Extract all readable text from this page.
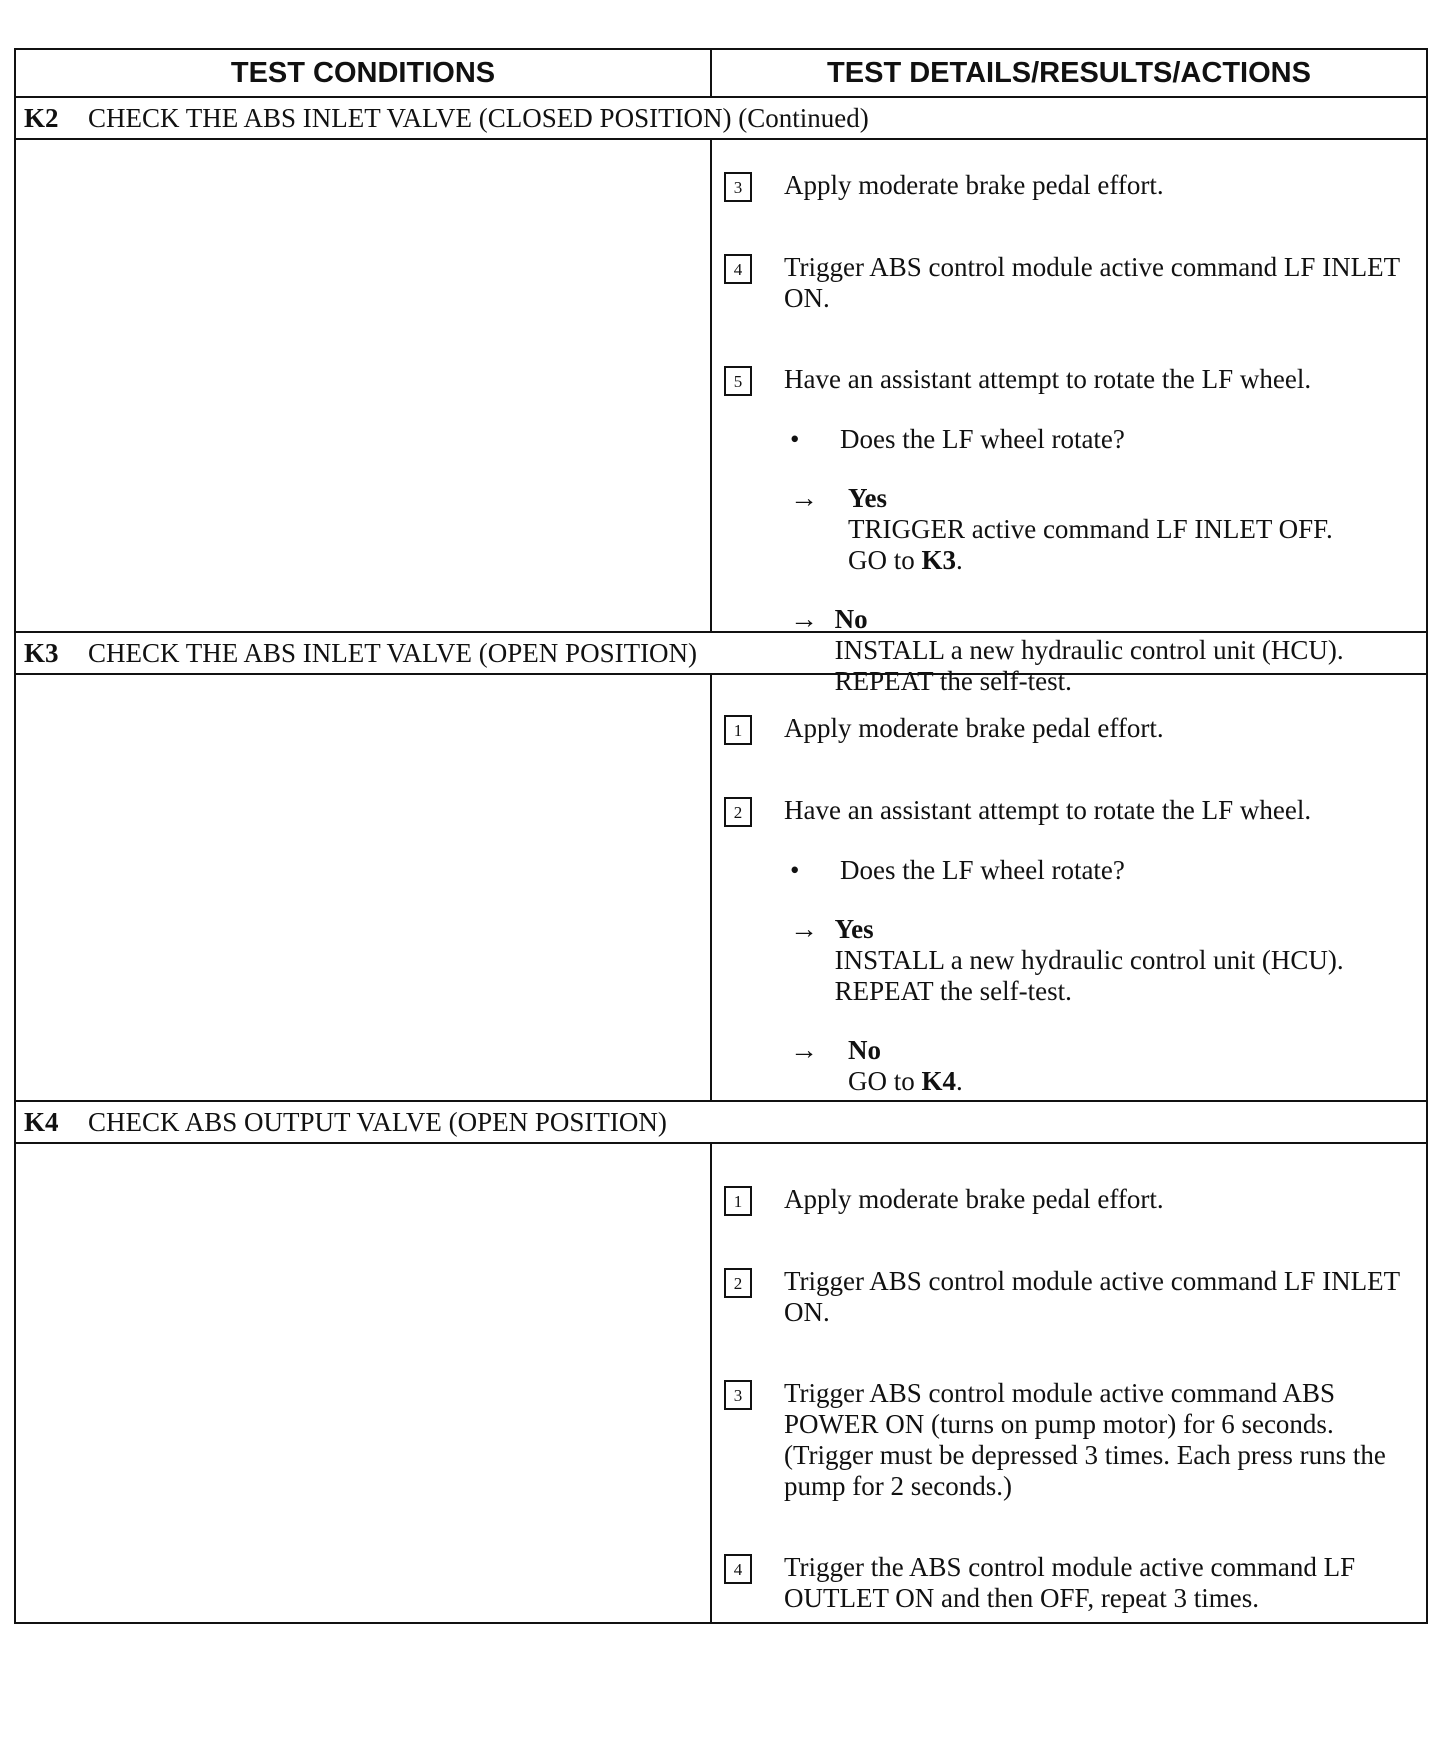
TEST CONDITIONS	TEST DETAILS/RESULTS/ACTIONS
K2	CHECK THE ABS INLET VALVE (CLOSED POSITION) (Continued)
3	Apply moderate brake pedal effort.
4	Trigger ABS control module active command LF INLET ON.
5	Have an assistant attempt to rotate the LF wheel.
•	Does the LF wheel rotate?
→	Yes
TRIGGER active command LF INLET OFF.
GO to K3.
→ No
INSTALL a new hydraulic control unit (HCU). REPEAT the self-test.
K3	CHECK THE ABS INLET VALVE (OPEN POSITION)
1	Apply moderate brake pedal effort.
2	Have an assistant attempt to rotate the LF wheel.
•	Does the LF wheel rotate?
→ Yes
INSTALL a new hydraulic control unit (HCU). REPEAT the self-test.
→	No
GO to K4.
K4	CHECK ABS OUTPUT VALVE (OPEN POSITION)
1	Apply moderate brake pedal effort.
2	Trigger ABS control module active command LF INLET ON.
3	Trigger ABS control module active command ABS POWER ON (turns on pump motor) for 6 seconds. (Trigger must be depressed 3 times. Each press runs the pump for 2 seconds.)
4	Trigger the ABS control module active command LF OUTLET ON and then OFF, repeat 3 times.
